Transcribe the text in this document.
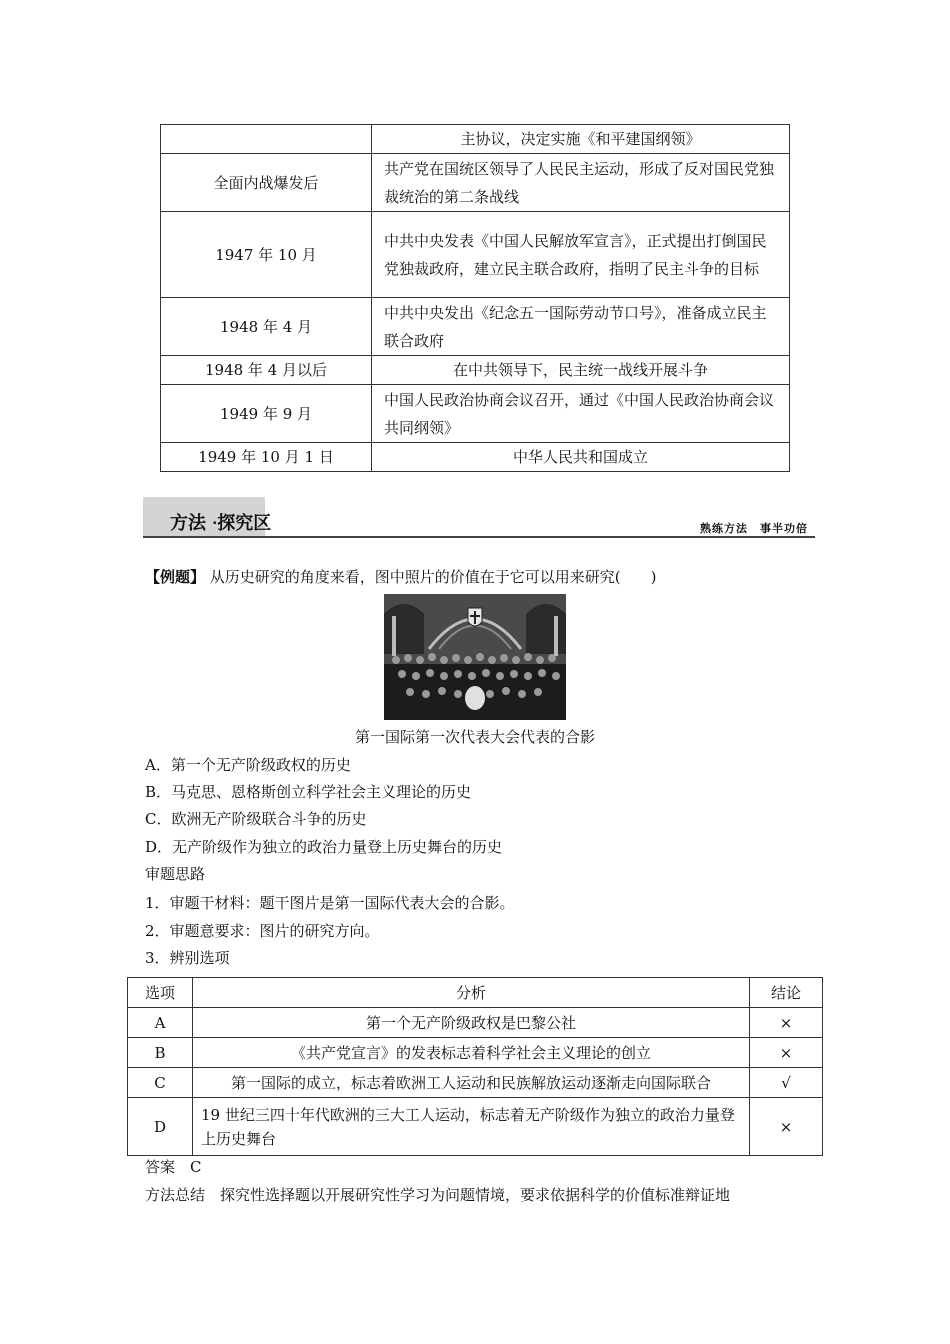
	主协议，决定实施《和平建国纲领》
全面内战爆发后	共产党在国统区领导了人民民主运动，形成了反对国民党独裁统治的第二条战线
1947 年 10 月	中共中央发表《中国人民解放军宣言》，正式提出打倒国民党独裁政府，建立民主联合政府，指明了民主斗争的目标
1948 年 4 月	中共中央发出《纪念五一国际劳动节口号》，准备成立民主联合政府
1948 年 4 月以后	在中共领导下，民主统一战线开展斗争
1949 年 9 月	中国人民政治协商会议召开，通过《中国人民政治协商会议共同纲领》
1949 年 10 月 1 日	中华人民共和国成立
方法 ·探究区	熟练方法　事半功倍
【例题】 从历史研究的角度来看，图中照片的价值在于它可以用来研究(　　)
第一国际第一次代表大会代表的合影
A．第一个无产阶级政权的历史
B．马克思、恩格斯创立科学社会主义理论的历史
C．欧洲无产阶级联合斗争的历史
D．无产阶级作为独立的政治力量登上历史舞台的历史
审题思路
1．审题干材料：题干图片是第一国际代表大会的合影。
2．审题意要求：图片的研究方向。
3．辨别选项
选项	分析	结论
A	第一个无产阶级政权是巴黎公社	×
B	《共产党宣言》的发表标志着科学社会主义理论的创立	×
C	第一国际的成立，标志着欧洲工人运动和民族解放运动逐渐走向国际联合	√
D	19 世纪三四十年代欧洲的三大工人运动，标志着无产阶级作为独立的政治力量登上历史舞台	×
答案　C
方法总结　探究性选择题以开展研究性学习为问题情境，要求依据科学的价值标准辩证地
